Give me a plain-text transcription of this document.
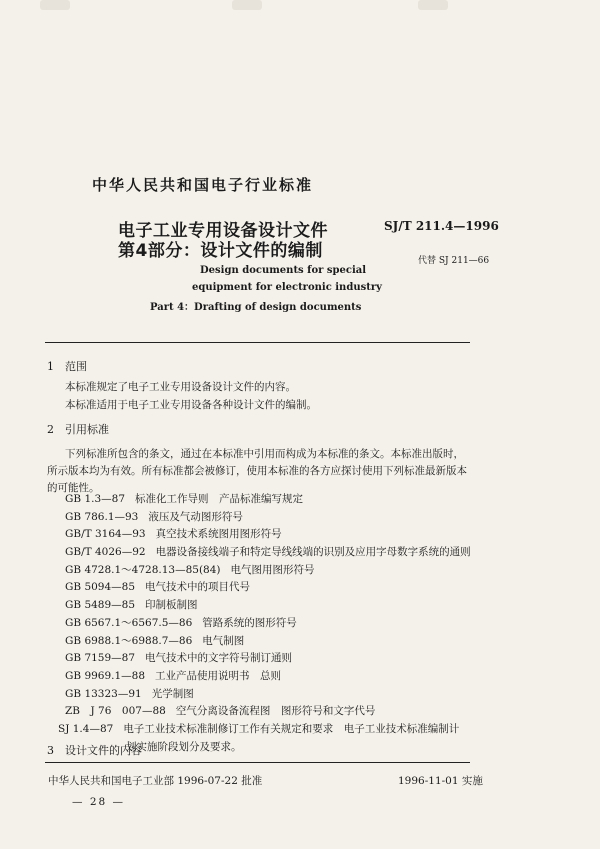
中华人民共和国电子行业标准
电子工业专用设备设计文件
第4部分：设计文件的编制
SJ/T 211.4—1996
代替 SJ 211—66
Design documents for special
equipment for electronic industry
Part 4：Drafting of design documents
1　范围
本标准规定了电子工业专用设备设计文件的内容。
本标准适用于电子工业专用设备各种设计文件的编制。
2　引用标准
下列标准所包含的条文，通过在本标准中引用而构成为本标准的条文。本标准出版时，
所示版本均为有效。所有标准都会被修订，使用本标准的各方应探讨使用下列标准最新版本
的可能性。
GB 1.3—87 标准化工作导则　产品标准编写规定
GB 786.1—93 液压及气动图形符号
GB/T 3164—93 真空技术系统图用图形符号
GB/T 4026—92 电器设备接线端子和特定导线线端的识别及应用字母数字系统的通则
GB 4728.1～4728.13—85(84) 电气图用图形符号
GB 5094—85 电气技术中的项目代号
GB 5489—85 印制板制图
GB 6567.1～6567.5—86 管路系统的图形符号
GB 6988.1～6988.7—86 电气制图
GB 7159—87 电气技术中的文字符号制订通则
GB 9969.1—88 工业产品使用说明书　总则
GB 13323—91 光学制图
ZB　J 76　007—88 空气分离设备流程图　图形符号和文字代号
SJ 1.4—87 电子工业技术标准制修订工作有关规定和要求　电子工业技术标准编制计
划实施阶段划分及要求。
3　设计文件的内容
中华人民共和国电子工业部 1996-07-22 批准	1996-11-01 实施
— 28 —
